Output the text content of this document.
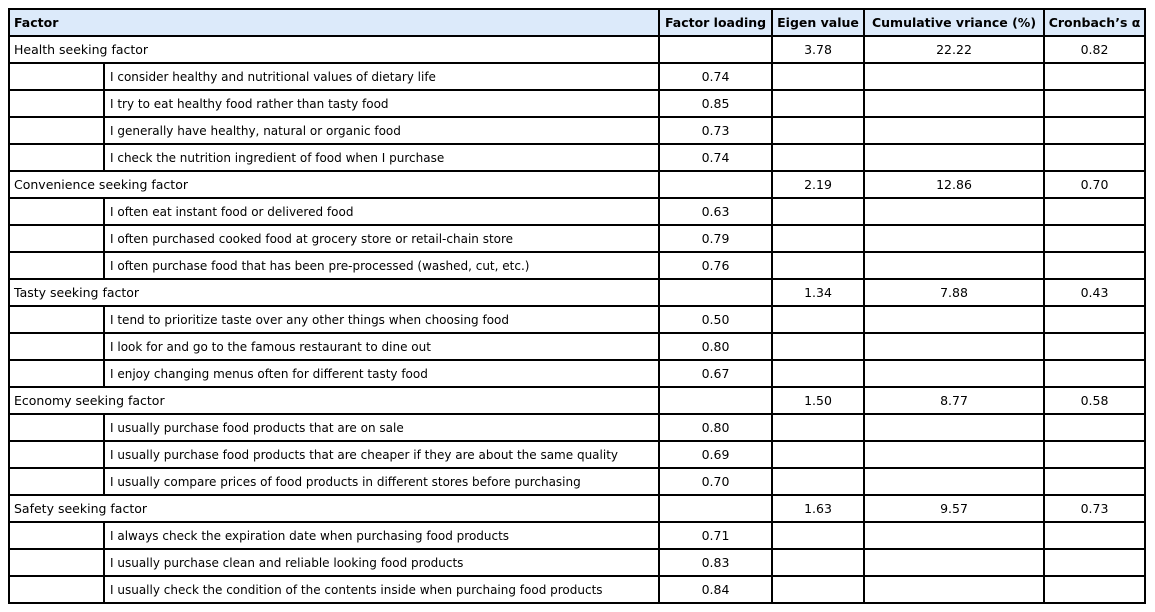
Factor		Factor loading	Eigen value	Cumulative vriance (%)	Cronbach’s α
Health seeking factor			3.78	22.22	0.82
	I consider healthy and nutritional values of dietary life	0.74			
	I try to eat healthy food rather than tasty food	0.85			
	I generally have healthy, natural or organic food	0.73			
	I check the nutrition ingredient of food when I purchase	0.74			
Convenience seeking factor			2.19	12.86	0.70
	I often eat instant food or delivered food	0.63			
	I often purchased cooked food at grocery store or retail-chain store	0.79			
	I often purchase food that has been pre-processed (washed, cut, etc.)	0.76			
Tasty seeking factor			1.34	7.88	0.43
	I tend to prioritize taste over any other things when choosing food	0.50			
	I look for and go to the famous restaurant to dine out	0.80			
	I enjoy changing menus often for different tasty food	0.67			
Economy seeking factor			1.50	8.77	0.58
	I usually purchase food products that are on sale	0.80			
	I usually purchase food products that are cheaper if they are about the same quality	0.69			
	I usually compare prices of food products in different stores before purchasing	0.70			
Safety seeking factor			1.63	9.57	0.73
	I always check the expiration date when purchasing food products	0.71			
	I usually purchase clean and reliable looking food products	0.83			
	I usually check the condition of the contents inside when purchaing food products	0.84			
